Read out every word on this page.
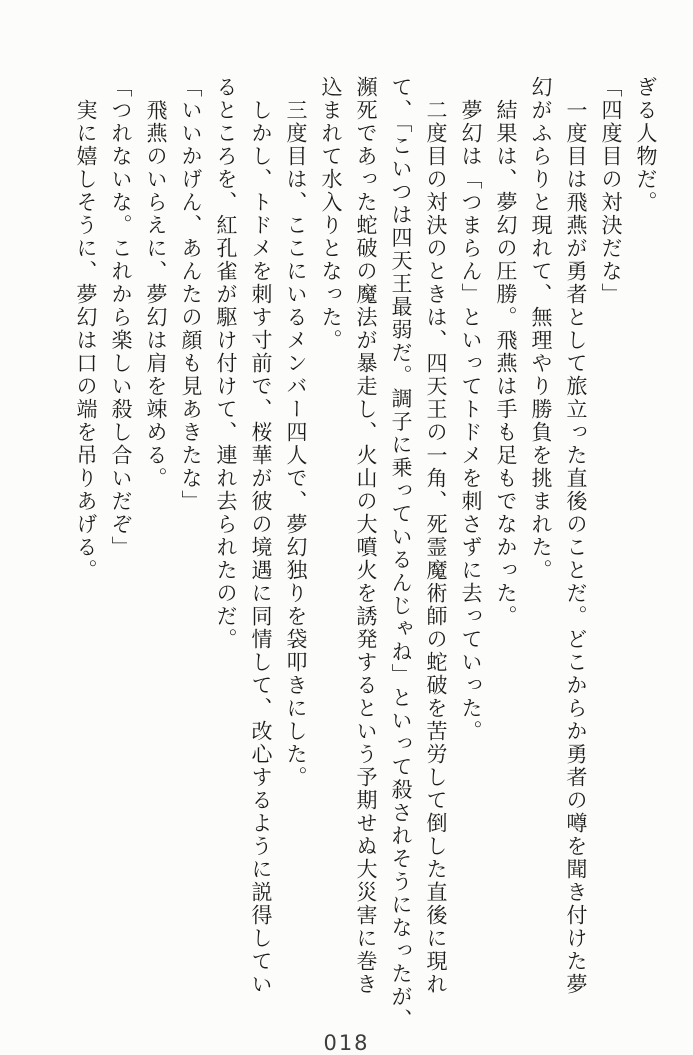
ぎる人物だ。

「四度目の対決だな」

　一度目は飛燕が勇者として旅立った直後のことだ。どこからか勇者の噂を聞き付けた夢

幻がふらりと現れて、無理やり勝負を挑まれた。

　結果は、夢幻の圧勝。飛燕は手も足もでなかった。

　夢幻は「つまらん」といってトドメを刺さずに去っていった。

　二度目の対決のときは、四天王の一角、死霊魔術師の蛇破を苦労して倒した直後に現れ

て、「こいつは四天王最弱だ。調子に乗っているんじゃね」といって殺されそうになったが、

瀕死であった蛇破の魔法が暴走し、火山の大噴火を誘発するという予期せぬ大災害に巻き

込まれて水入りとなった。

　三度目は、ここにいるメンバー四人で、夢幻独りを袋叩きにした。

　しかし、トドメを刺す寸前で、桜華が彼の境遇に同情して、改心するように説得してい

るところを、紅孔雀が駆け付けて、連れ去られたのだ。

「いいかげん、あんたの顔も見あきたな」

　飛燕のいらえに、夢幻は肩を竦める。

「つれないな。これから楽しい殺し合いだぞ」

　実に嬉しそうに、夢幻は口の端を吊りあげる。

018
